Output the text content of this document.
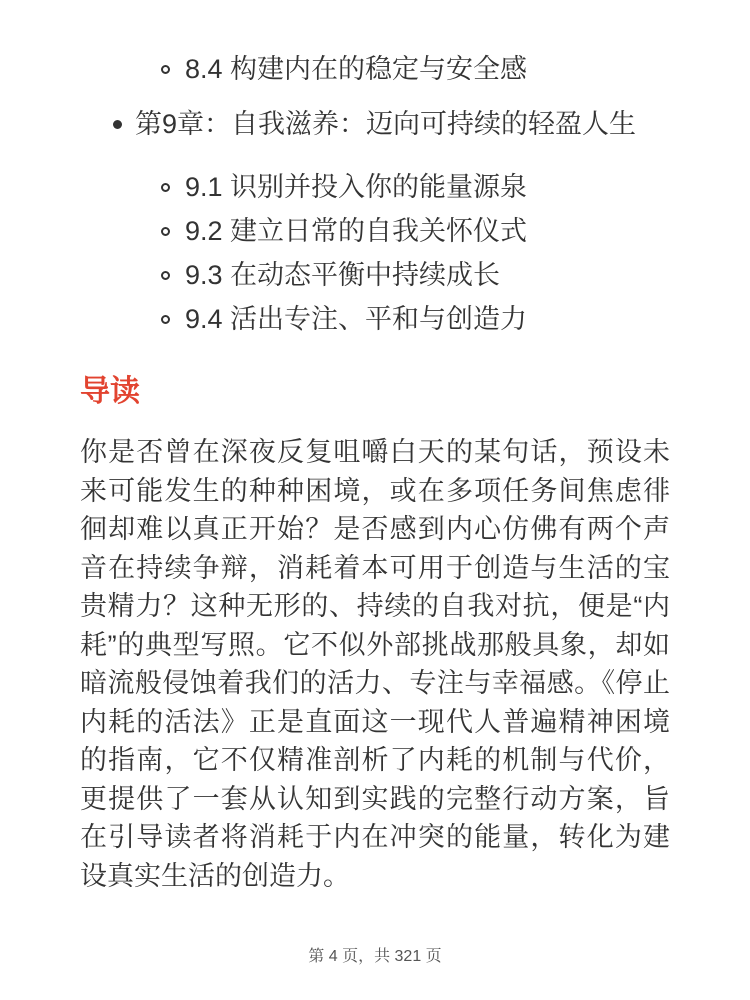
8.4 构建内在的稳定与安全感
第9章：自我滋养：迈向可持续的轻盈人生
9.1 识别并投入你的能量源泉
9.2 建立日常的自我关怀仪式
9.3 在动态平衡中持续成长
9.4 活出专注、平和与创造力
导读

你是否曾在深夜反复咀嚼白天的某句话，预设未来可能发生的种种困境，或在多项任务间焦虑徘徊却难以真正开始？是否感到内心仿佛有两个声音在持续争辩，消耗着本可用于创造与生活的宝贵精力？这种无形的、持续的自我对抗，便是“内耗”的典型写照。它不似外部挑战那般具象，却如暗流般侵蚀着我们的活力、专注与幸福感。《停止内耗的活法》正是直面这一现代人普遍精神困境的指南，它不仅精准剖析了内耗的机制与代价，更提供了一套从认知到实践的完整行动方案，旨在引导读者将消耗于内在冲突的能量，转化为建设真实生活的创造力。

第 4 页，共 321 页
